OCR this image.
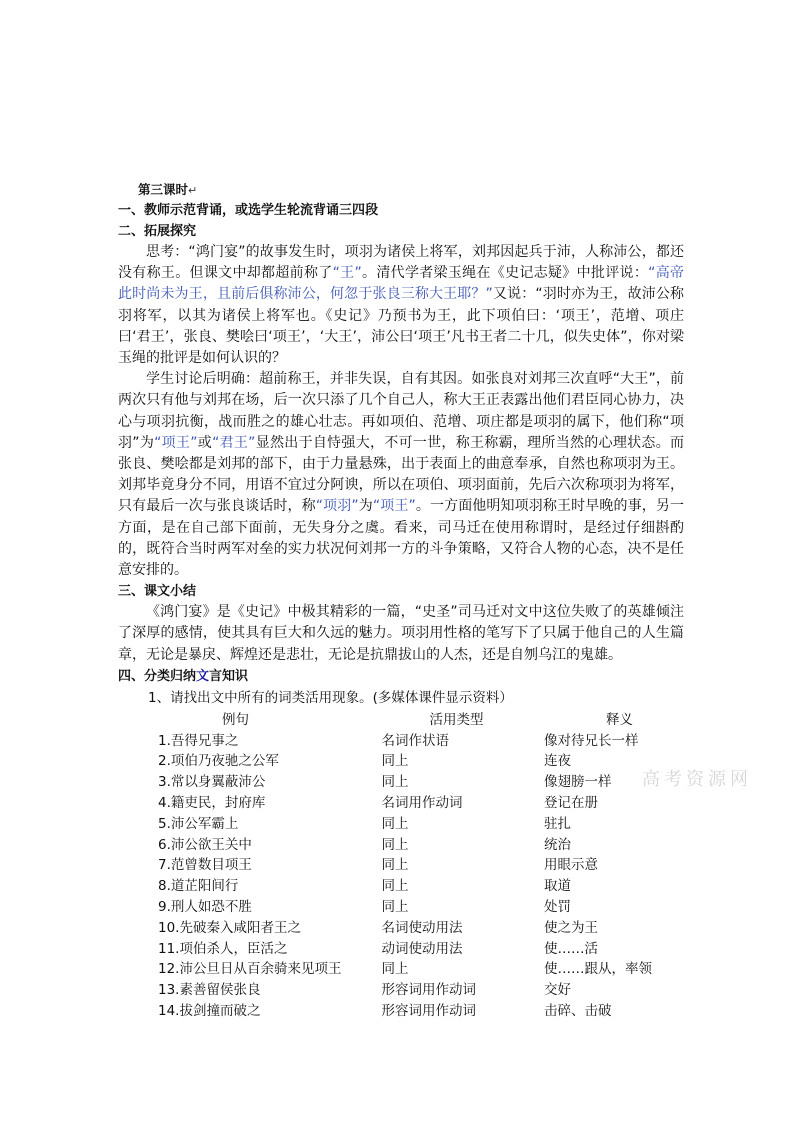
第三课时↵
一、教师示范背诵，或选学生轮流背诵三四段
二、拓展探究

思考：“鸿门宴”的故事发生时，项羽为诸侯上将军，刘邦因起兵于沛，人称沛公，都还没有称王。但课文中却都超前称了“王”。清代学者梁玉绳在《史记志疑》中批评说：“高帝此时尚未为王，且前后俱称沛公，何忽于张良三称大王耶？”又说：“羽时亦为王，故沛公称羽将军，以其为诸侯上将军也。《史记》乃预书为王，此下项伯曰：‘项王’，范增、项庄曰‘君王’，张良、樊哙曰‘项王’，‘大王’，沛公曰‘项王’凡书王者二十几，似失史体”，你对梁玉绳的批评是如何认识的？

学生讨论后明确：超前称王，并非失误，自有其因。如张良对刘邦三次直呼“大王”，前两次只有他与刘邦在场，后一次只添了几个自己人，称大王正表露出他们君臣同心协力，决心与项羽抗衡，战而胜之的雄心壮志。再如项伯、范增、项庄都是项羽的属下，他们称“项羽”为“项王”或“君王”显然出于自恃强大，不可一世，称王称霸，理所当然的心理状态。而张良、樊哙都是刘邦的部下，由于力量悬殊，出于表面上的曲意奉承，自然也称项羽为王。刘邦毕竟身分不同，用语不宜过分阿谀，所以在项伯、项羽面前，先后六次称项羽为将军，只有最后一次与张良谈话时，称“项羽”为“项王”。一方面他明知项羽称王时早晚的事，另一方面，是在自己部下面前，无失身分之虞。看来，司马迁在使用称谓时，是经过仔细斟酌的，既符合当时两军对垒的实力状况何刘邦一方的斗争策略，又符合人物的心态，决不是任意安排的。

三、课文小结

《鸿门宴》是《史记》中极其精彩的一篇，“史圣”司马迁对文中这位失败了的英雄倾注了深厚的感情，使其具有巨大和久远的魅力。项羽用性格的笔写下了只属于他自己的人生篇章，无论是暴戾、辉煌还是悲壮，无论是抗鼎拔山的人杰，还是自刎乌江的鬼雄。

四、分类归纳文言知识
1、请找出文中所有的词类活用现象。(多媒体课件显示资料）
例句	活用类型	释义
1.吾得兄事之	名词作状语	像对待兄长一样
2.项伯乃夜驰之公军	同上	连夜
3.常以身翼蔽沛公	同上	像翅膀一样
4.籍吏民，封府库	名词用作动词	登记在册
5.沛公军霸上	同上	驻扎
6.沛公欲王关中	同上	统治
7.范曾数目项王	同上	用眼示意
8.道芷阳间行	同上	取道
9.刑人如恐不胜	同上	处罚
10.先破秦入咸阳者王之	名词使动用法	使之为王
11.项伯杀人，臣活之	动词使动用法	使……活
12.沛公旦日从百余骑来见项王	同上	使……跟从，率领
13.素善留侯张良	形容词用作动词	交好
14.拔剑撞而破之	形容词用作动词	击碎、击破
高考资源网
